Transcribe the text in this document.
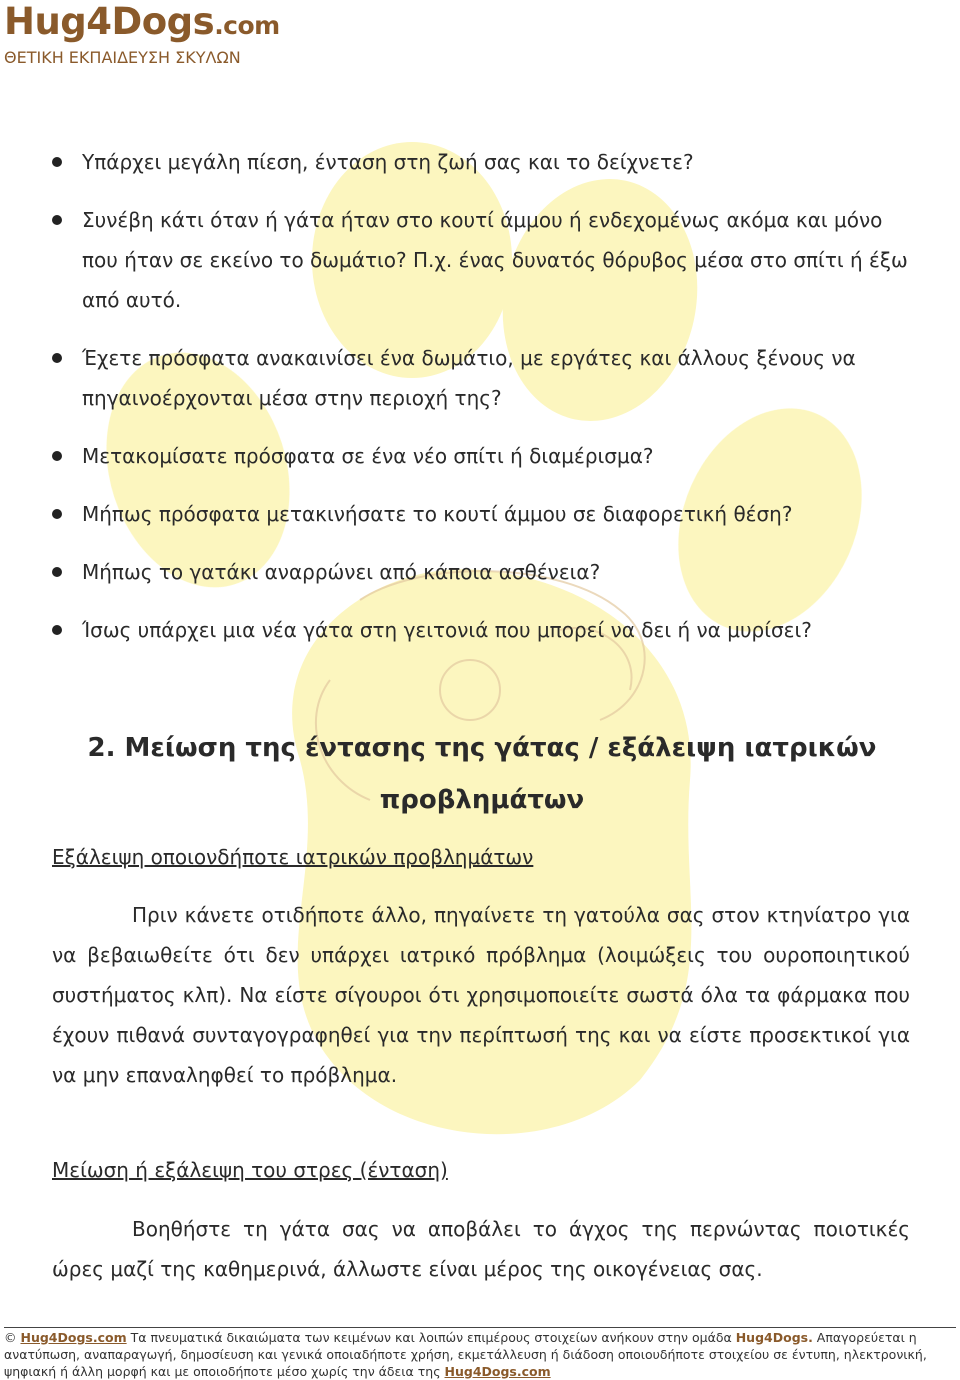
Hug4Dogs.com
ΘΕΤΙΚΗ ΕΚΠΑΙΔΕΥΣΗ ΣΚΥΛΩΝ
Υπάρχει μεγάλη πίεση, ένταση στη ζωή σας και το δείχνετε?
Συνέβη κάτι όταν ή γάτα ήταν στο κουτί άμμου ή ενδεχομένως ακόμα και μόνο που ήταν σε εκείνο το δωμάτιο? Π.χ. ένας δυνατός θόρυβος μέσα στο σπίτι ή έξω από αυτό.
Έχετε πρόσφατα ανακαινίσει ένα δωμάτιο, με εργάτες και άλλους ξένους να πηγαινοέρχονται μέσα στην περιοχή της?
Μετακομίσατε πρόσφατα σε ένα νέο σπίτι ή διαμέρισμα?
Μήπως πρόσφατα μετακινήσατε το κουτί άμμου σε διαφορετική θέση?
Μήπως το γατάκι αναρρώνει από κάποια ασθένεια?
Ίσως υπάρχει μια νέα γάτα στη γειτονιά που μπορεί να δει ή να μυρίσει?
2. Μείωση της έντασης της γάτας / εξάλειψη ιατρικών προβλημάτων
Εξάλειψη οποιονδήποτε ιατρικών προβλημάτων

Πριν κάνετε οτιδήποτε άλλο, πηγαίνετε τη γατούλα σας στον κτηνίατρο για να βεβαιωθείτε ότι δεν υπάρχει ιατρικό πρόβλημα (λοιμώξεις του ουροποιητικού συστήματος κλπ). Να είστε σίγουροι ότι χρησιμοποιείτε σωστά όλα τα φάρμακα που έχουν πιθανά συνταγογραφηθεί για την περίπτωσή της και να είστε προσεκτικοί για να μην επαναληφθεί το πρόβλημα.

Μείωση ή εξάλειψη του στρες (ένταση)

Βοηθήστε τη γάτα σας να αποβάλει το άγχος της περνώντας ποιοτικές ώρες μαζί της καθημερινά, άλλωστε είναι μέρος της οικογένειας σας.

© Hug4Dogs.com Τα πνευματικά δικαιώματα των κειμένων και λοιπών επιμέρους στοιχείων ανήκουν στην ομάδα Hug4Dogs. Απαγορεύεται η ανατύπωση, αναπαραγωγή, δημοσίευση και γενικά οποιαδήποτε χρήση, εκμετάλλευση ή διάδοση οποιουδήποτε στοιχείου σε έντυπη, ηλεκτρονική, ψηφιακή ή άλλη μορφή και με οποιοδήποτε μέσο χωρίς την άδεια της Hug4Dogs.com
